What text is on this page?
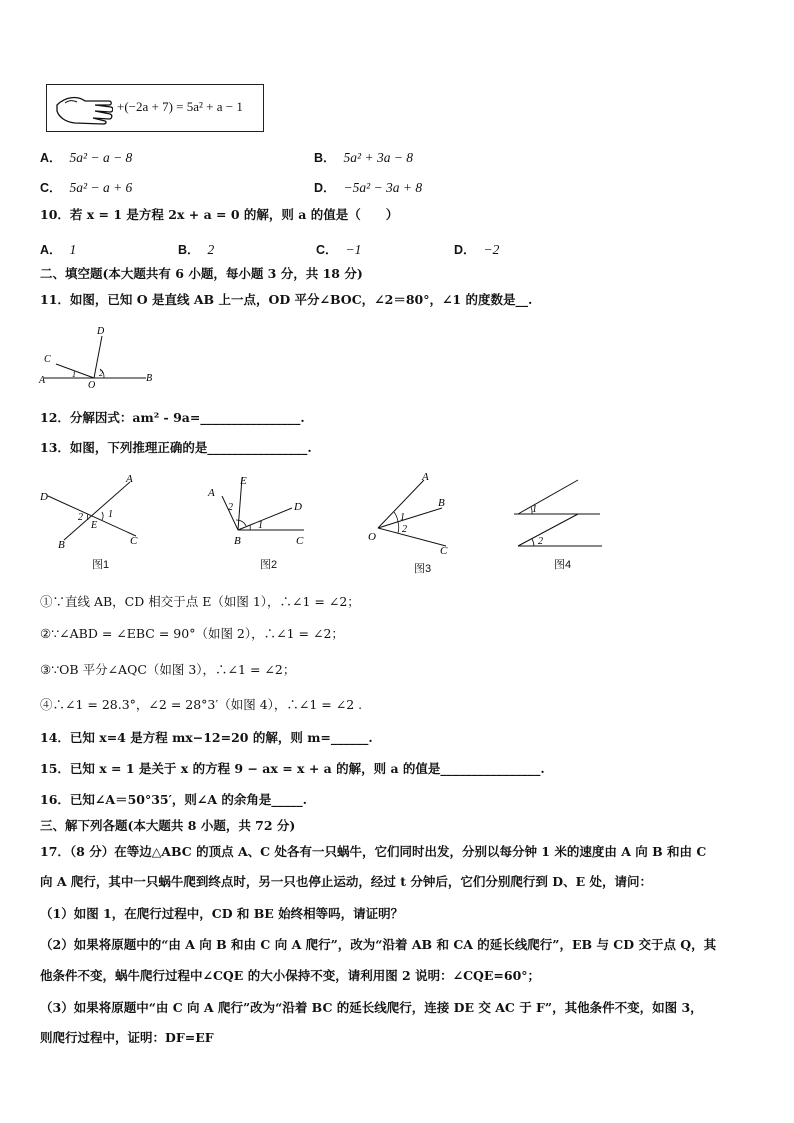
+(−2a + 7) = 5a² + a − 1
A． 5a² − a − 8	B． 5a² + 3a − 8
C． 5a² − a + 6	D． −5a² − 3a + 8
10．若 x = 1 是方程 2x + a = 0 的解，则 a 的值是（　　）
A． 1	B． 2	C． −1	D． −2
二、填空题(本大题共有 6 小题，每小题 3 分，共 18 分)
11．如图，已知 O 是直线 AB 上一点，OD 平分∠BOC，∠2＝80°，∠1 的度数是__.
A	B
C
D
O
1	2
12．分解因式：am² - 9a=________________.
13．如图，下列推理正确的是________________.
D
A
B	C
E
2	1
图1
A
E
D
B	C
2
1
图2
A
B
C
O
1
2
图3
1
2
图4
①∵直线 AB，CD 相交于点 E（如图 1），∴∠1 = ∠2；
②∵∠ABD = ∠EBC = 90°（如图 2），∴∠1 = ∠2；
③∵OB 平分∠AQC（如图 3），∴∠1 = ∠2；
④∴∠1 = 28.3°，∠2 = 28°3′（如图 4），∴∠1 = ∠2 .
14．已知 x=4 是方程 mx−12=20 的解，则 m=______.
15．已知 x = 1 是关于 x 的方程 9 − ax = x + a 的解，则 a 的值是________________.
16．已知∠A＝50°35′，则∠A 的余角是_____.
三、解下列各题(本大题共 8 小题，共 72 分)
17．（8 分）在等边△ABC 的顶点 A、C 处各有一只蜗牛，它们同时出发，分别以每分钟 1 米的速度由 A 向 B 和由 C
向 A 爬行，其中一只蜗牛爬到终点时，另一只也停止运动，经过 t 分钟后，它们分别爬行到 D、E 处，请问：
（1）如图 1，在爬行过程中，CD 和 BE 始终相等吗，请证明？
（2）如果将原题中的“由 A 向 B 和由 C 向 A 爬行”，改为“沿着 AB 和 CA 的延长线爬行”，EB 与 CD 交于点 Q，其
他条件不变，蜗牛爬行过程中∠CQE 的大小保持不变，请利用图 2 说明：∠CQE=60°；
（3）如果将原题中“由 C 向 A 爬行”改为“沿着 BC 的延长线爬行，连接 DE 交 AC 于 F”，其他条件不变，如图 3，
则爬行过程中，证明：DF=EF
